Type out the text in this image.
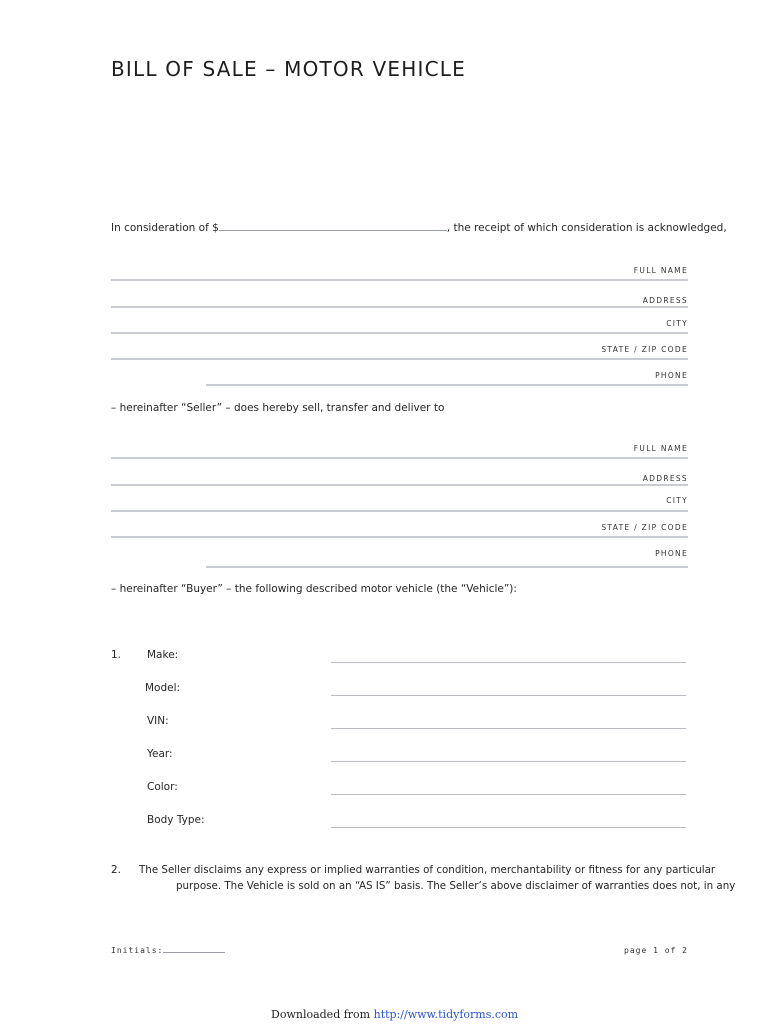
BILL OF SALE – MOTOR VEHICLE
In consideration of $	, the receipt of which consideration is acknowledged,
FULL NAME
ADDRESS
CITY
STATE / ZIP CODE
PHONE
– hereinafter “Seller” – does hereby sell, transfer and deliver to
FULL NAME
ADDRESS
CITY
STATE / ZIP CODE
PHONE
– hereinafter “Buyer” – the following described motor vehicle (the “Vehicle”):
1. Make:
Model:
VIN:
Year:
Color:
Body Type:
2. The Seller disclaims any express or implied warranties of condition, merchantability or fitness for any particular
purpose. The Vehicle is sold on an “AS IS” basis. The Seller’s above disclaimer of warranties does not, in any
Initials:	page 1 of 2
Downloaded from http://www.tidyforms.com
